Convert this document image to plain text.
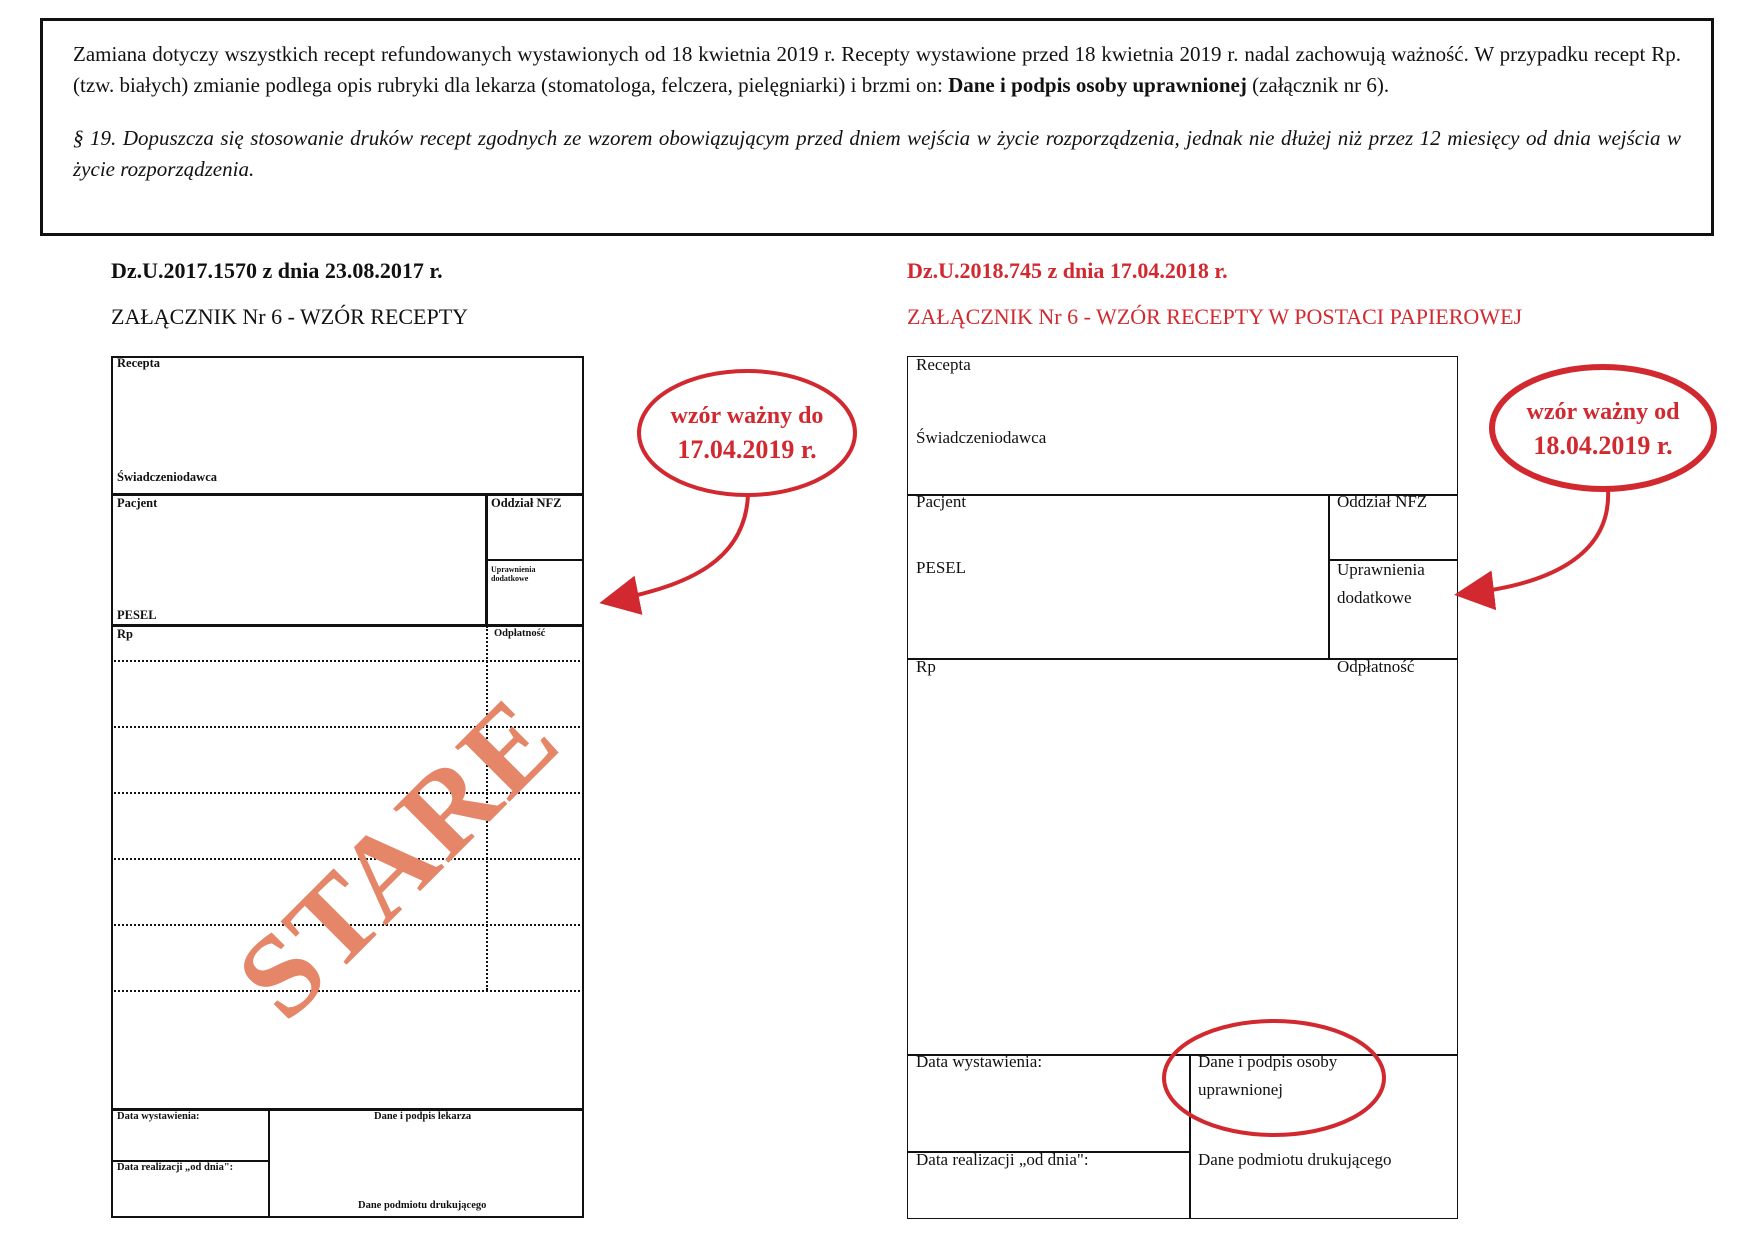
Zamiana dotyczy wszystkich recept refundowanych wystawionych od 18 kwietnia 2019 r. Recepty wystawione przed 18 kwietnia 2019 r. nadal zachowują ważność. W przypadku recept Rp. (tzw. białych) zmianie podlega opis rubryki dla lekarza (stomatologa, felczera, pielęgniarki) i brzmi on: Dane i podpis osoby uprawnionej (załącznik nr 6).

§ 19. Dopuszcza się stosowanie druków recept zgodnych ze wzorem obowiązującym przed dniem wejścia w życie rozporządzenia, jednak nie dłużej niż przez 12 miesięcy od dnia wejścia w życie rozporządzenia.

Dz.U.2017.1570 z dnia 23.08.2017 r.
ZAŁĄCZNIK Nr 6 - WZÓR RECEPTY
Dz.U.2018.745 z dnia 17.04.2018 r.
ZAŁĄCZNIK Nr 6 - WZÓR RECEPTY W POSTACI PAPIEROWEJ
Recepta
Świadczeniodawca
Pacjent	Oddział NFZ
Uprawnienia
dodatkowe
PESEL
Rp	Odpłatność
Data wystawienia:	Dane i podpis lekarza
Data realizacji „od dnia":
Dane podmiotu drukującego
STARE
Recepta
Świadczeniodawca
Pacjent	Oddział NFZ
PESEL	Uprawnienia
dodatkowe
Rp	Odpłatność
Data wystawienia:	Dane i podpis osoby
uprawnionej
Data realizacji „od dnia":	Dane podmiotu drukującego
wzór ważny do
17.04.2019 r.
wzór ważny od
18.04.2019 r.
